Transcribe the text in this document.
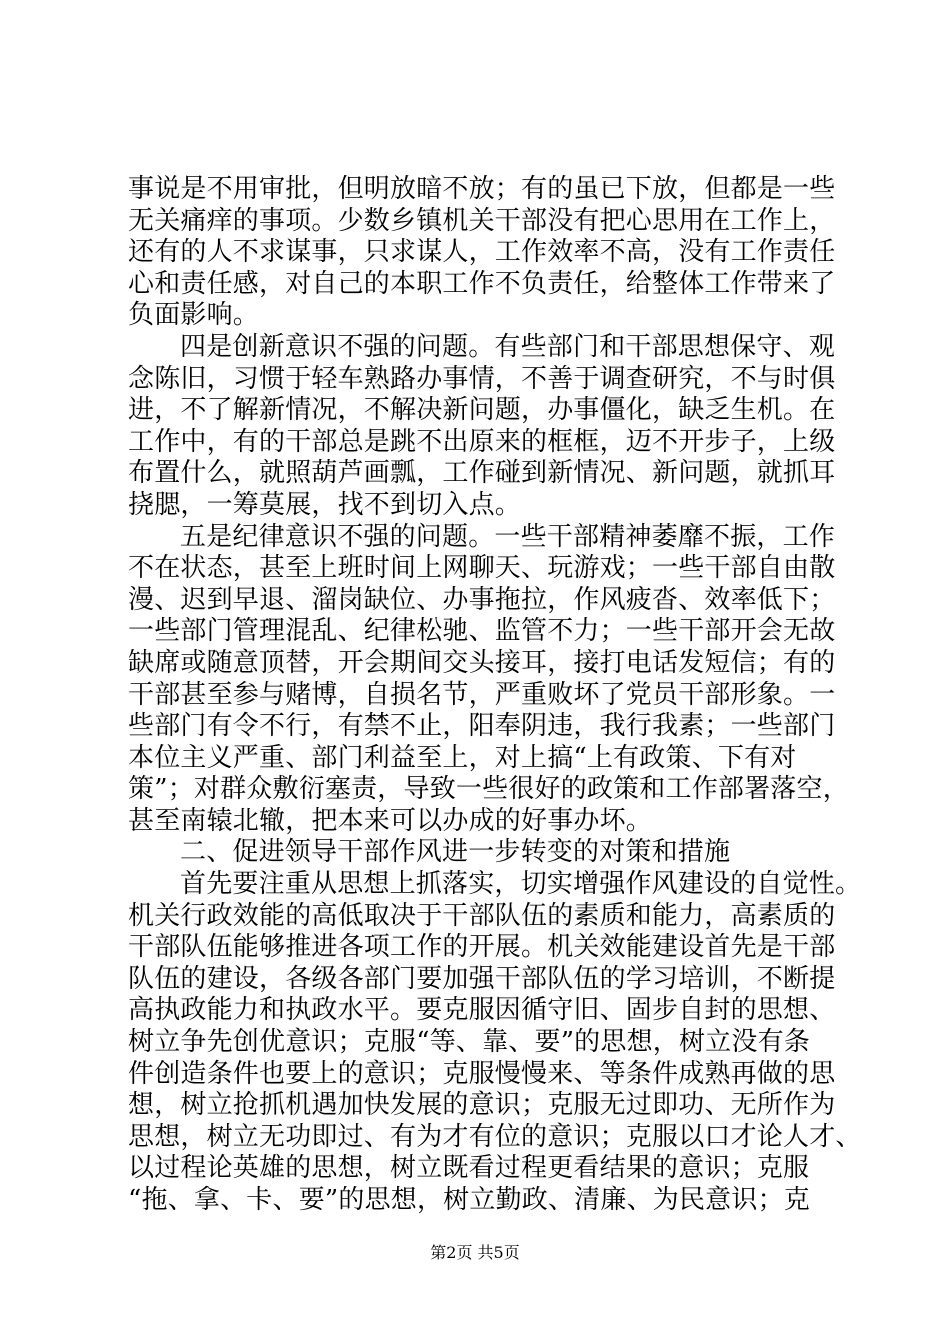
事说是不用审批，但明放暗不放；有的虽已下放，但都是一些
无关痛痒的事项。少数乡镇机关干部没有把心思用在工作上，
还有的人不求谋事，只求谋人，工作效率不高，没有工作责任
心和责任感，对自己的本职工作不负责任，给整体工作带来了
负面影响。
四是创新意识不强的问题。有些部门和干部思想保守、观
念陈旧，习惯于轻车熟路办事情，不善于调查研究，不与时俱
进，不了解新情况，不解决新问题，办事僵化，缺乏生机。在
工作中，有的干部总是跳不出原来的框框，迈不开步子，上级
布置什么，就照葫芦画瓢，工作碰到新情况、新问题，就抓耳
挠腮，一筹莫展，找不到切入点。
五是纪律意识不强的问题。一些干部精神萎靡不振，工作
不在状态，甚至上班时间上网聊天、玩游戏；一些干部自由散
漫、迟到早退、溜岗缺位、办事拖拉，作风疲沓、效率低下；
一些部门管理混乱、纪律松驰、监管不力；一些干部开会无故
缺席或随意顶替，开会期间交头接耳，接打电话发短信；有的
干部甚至参与赌博，自损名节，严重败坏了党员干部形象。一
些部门有令不行，有禁不止，阳奉阴违，我行我素；一些部门
本位主义严重、部门利益至上，对上搞“上有政策、下有对
策”；对群众敷衍塞责，导致一些很好的政策和工作部署落空，
甚至南辕北辙，把本来可以办成的好事办坏。
二、促进领导干部作风进一步转变的对策和措施
首先要注重从思想上抓落实，切实增强作风建设的自觉性。
机关行政效能的高低取决于干部队伍的素质和能力，高素质的
干部队伍能够推进各项工作的开展。机关效能建设首先是干部
队伍的建设，各级各部门要加强干部队伍的学习培训，不断提
高执政能力和执政水平。要克服因循守旧、固步自封的思想、
树立争先创优意识；克服“等、靠、要”的思想，树立没有条
件创造条件也要上的意识；克服慢慢来、等条件成熟再做的思
想，树立抢抓机遇加快发展的意识；克服无过即功、无所作为
思想，树立无功即过、有为才有位的意识；克服以口才论人才、
以过程论英雄的思想，树立既看过程更看结果的意识；克服
“拖、拿、卡、要”的思想，树立勤政、清廉、为民意识；克
第2页 共5页
